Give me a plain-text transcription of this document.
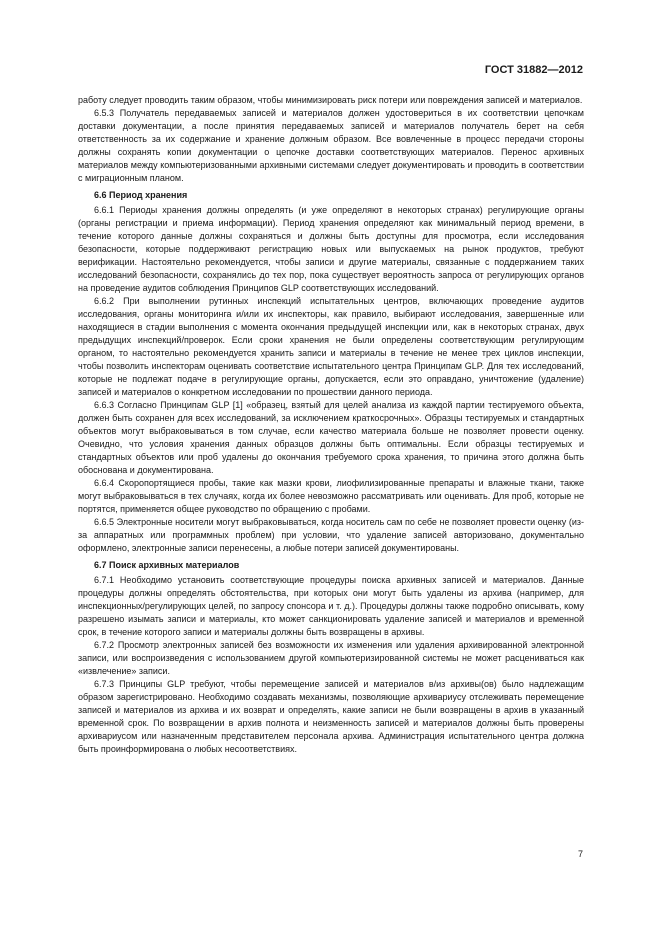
ГОСТ 31882—2012

работу следует проводить таким образом, чтобы минимизировать риск потери или повреждения записей и материалов.

6.5.3 Получатель передаваемых записей и материалов должен удостовериться в их соответствии цепочкам доставки документации, а после принятия передаваемых записей и материалов получатель берет на себя ответственность за их содержание и хранение должным образом. Все вовлеченные в процесс передачи стороны должны сохранять копии документации о цепочке доставки соответствующих материалов. Перенос архивных материалов между компьютеризованными архивными системами следует документировать и проводить в соответствии с миграционным планом.

6.6 Период хранения

6.6.1 Периоды хранения должны определять (и уже определяют в некоторых странах) регулирующие органы (органы регистрации и приема информации). Период хранения определяют как минимальный период времени, в течение которого данные должны сохраняться и должны быть доступны для просмотра, если исследования безопасности, которые поддерживают регистрацию новых или выпускаемых на рынок продуктов, требуют верификации. Настоятельно рекомендуется, чтобы записи и другие материалы, связанные с поддержанием таких исследований безопасности, сохранялись до тех пор, пока существует вероятность запроса от регулирующих органов на проведение аудитов соблюдения Принципов GLP соответствующих исследований.

6.6.2 При выполнении рутинных инспекций испытательных центров, включающих проведение аудитов исследования, органы мониторинга и/или их инспекторы, как правило, выбирают исследования, завершенные или находящиеся в стадии выполнения с момента окончания предыдущей инспекции или, как в некоторых странах, двух предыдущих инспекций/проверок. Если сроки хранения не были определены соответствующим регулирующим органом, то настоятельно рекомендуется хранить записи и материалы в течение не менее трех циклов инспекции, чтобы позволить инспекторам оценивать соответствие испытательного центра Принципам GLP. Для тех исследований, которые не подлежат подаче в регулирующие органы, допускается, если это оправдано, уничтожение (удаление) записей и материалов о конкретном исследовании по прошествии данного периода.

6.6.3 Согласно Принципам GLP [1] «образец, взятый для целей анализа из каждой партии тестируемого объекта, должен быть сохранен для всех исследований, за исключением краткосрочных». Образцы тестируемых и стандартных объектов могут выбраковываться в том случае, если качество материала больше не позволяет провести оценку. Очевидно, что условия хранения данных образцов должны быть оптимальны. Если образцы тестируемых и стандартных объектов или проб удалены до окончания требуемого срока хранения, то причина этого должна быть обоснована и документирована.

6.6.4 Скоропортящиеся пробы, такие как мазки крови, лиофилизированные препараты и влажные ткани, также могут выбраковываться в тех случаях, когда их более невозможно рассматривать или оценивать. Для проб, которые не портятся, применяется общее руководство по обращению с пробами.

6.6.5 Электронные носители могут выбраковываться, когда носитель сам по себе не позволяет провести оценку (из-за аппаратных или программных проблем) при условии, что удаление записей авторизовано, документально оформлено, электронные записи перенесены, а любые потери записей документированы.

6.7 Поиск архивных материалов

6.7.1 Необходимо установить соответствующие процедуры поиска архивных записей и материалов. Данные процедуры должны определять обстоятельства, при которых они могут быть удалены из архива (например, для инспекционных/регулирующих целей, по запросу спонсора и т. д.). Процедуры должны также подробно описывать, кому разрешено изымать записи и материалы, кто может санкционировать удаление записей и материалов и временной срок, в течение которого записи и материалы должны быть возвращены в архивы.

6.7.2 Просмотр электронных записей без возможности их изменения или удаления архивированной электронной записи, или воспроизведения с использованием другой компьютеризированной системы не может расцениваться как «извлечение» записи.

6.7.3 Принципы GLP требуют, чтобы перемещение записей и материалов в/из архивы(ов) было надлежащим образом зарегистрировано. Необходимо создавать механизмы, позволяющие архивариусу отслеживать перемещение записей и материалов из архива и их возврат и определять, какие записи не были возвращены в архив в указанный временной срок. По возвращении в архив полнота и неизменность записей и материалов должны быть проверены архивариусом или назначенным представителем персонала архива. Администрация испытательного центра должна быть проинформирована о любых несоответствиях.

7
